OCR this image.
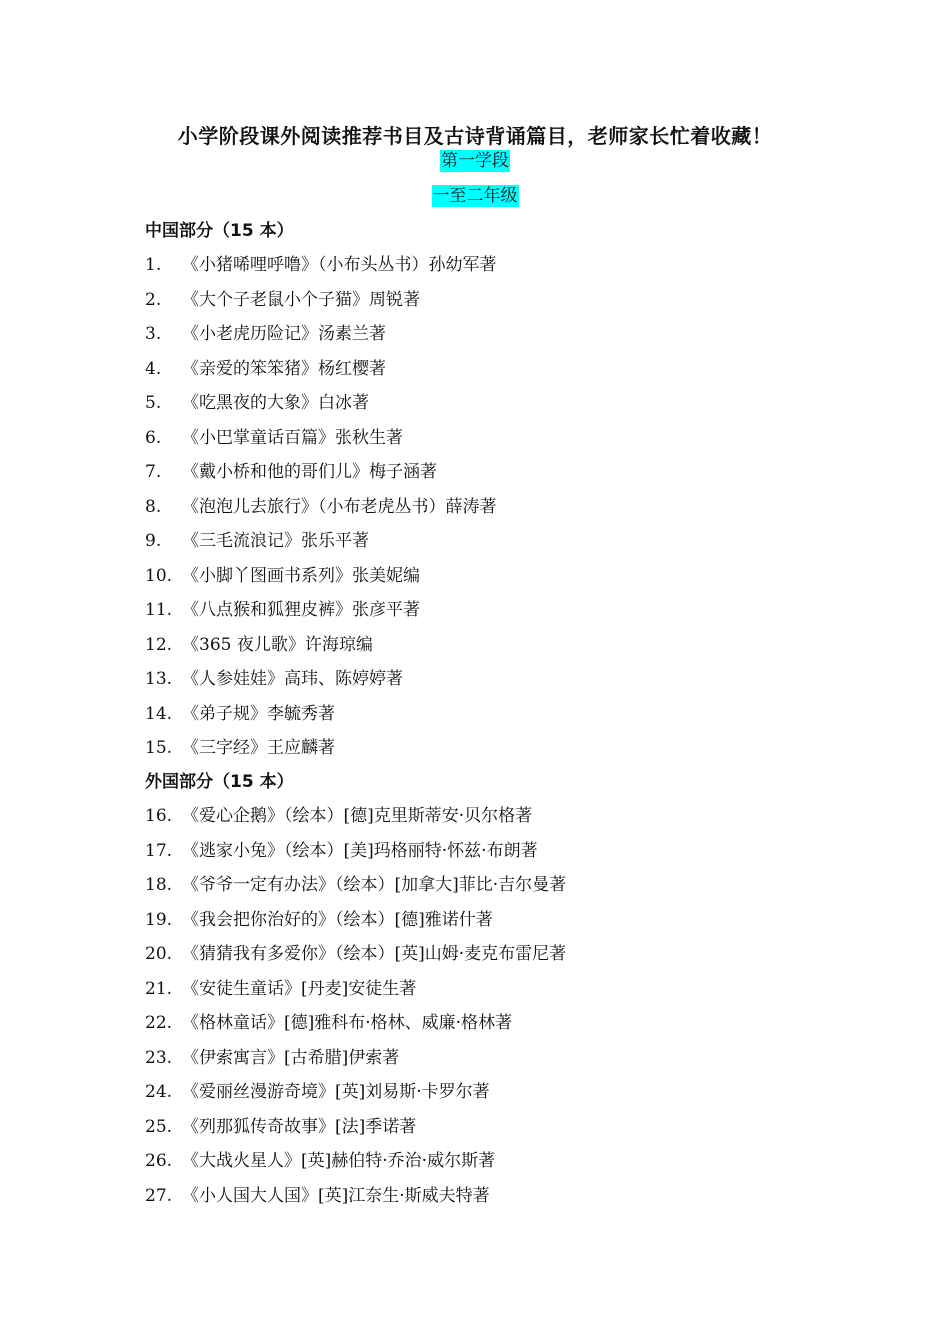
小学阶段课外阅读推荐书目及古诗背诵篇目，老师家长忙着收藏！
第一学段
一至二年级
中国部分（15 本）
1. 《小猪唏哩呼噜》（小布头丛书）孙幼军著
2. 《大个子老鼠小个子猫》周锐著
3. 《小老虎历险记》汤素兰著
4. 《亲爱的笨笨猪》杨红樱著
5. 《吃黑夜的大象》白冰著
6. 《小巴掌童话百篇》张秋生著
7. 《戴小桥和他的哥们儿》梅子涵著
8. 《泡泡儿去旅行》（小布老虎丛书）薛涛著
9. 《三毛流浪记》张乐平著
10. 《小脚丫图画书系列》张美妮编
11. 《八点猴和狐狸皮裤》张彦平著
12. 《365 夜儿歌》许海琼编
13. 《人参娃娃》高玮、陈婷婷著
14. 《弟子规》李毓秀著
15. 《三字经》王应麟著
外国部分（15 本）
16. 《爱心企鹅》（绘本）[德]克里斯蒂安·贝尔格著
17. 《逃家小兔》（绘本）[美]玛格丽特·怀兹·布朗著
18. 《爷爷一定有办法》（绘本）[加拿大]菲比·吉尔曼著
19. 《我会把你治好的》（绘本）[德]雅诺什著
20. 《猜猜我有多爱你》（绘本）[英]山姆·麦克布雷尼著
21. 《安徒生童话》[丹麦]安徒生著
22. 《格林童话》[德]雅科布·格林、威廉·格林著
23. 《伊索寓言》[古希腊]伊索著
24. 《爱丽丝漫游奇境》[英]刘易斯·卡罗尔著
25. 《列那狐传奇故事》[法]季诺著
26. 《大战火星人》[英]赫伯特·乔治·威尔斯著
27. 《小人国大人国》[英]江奈生·斯威夫特著
